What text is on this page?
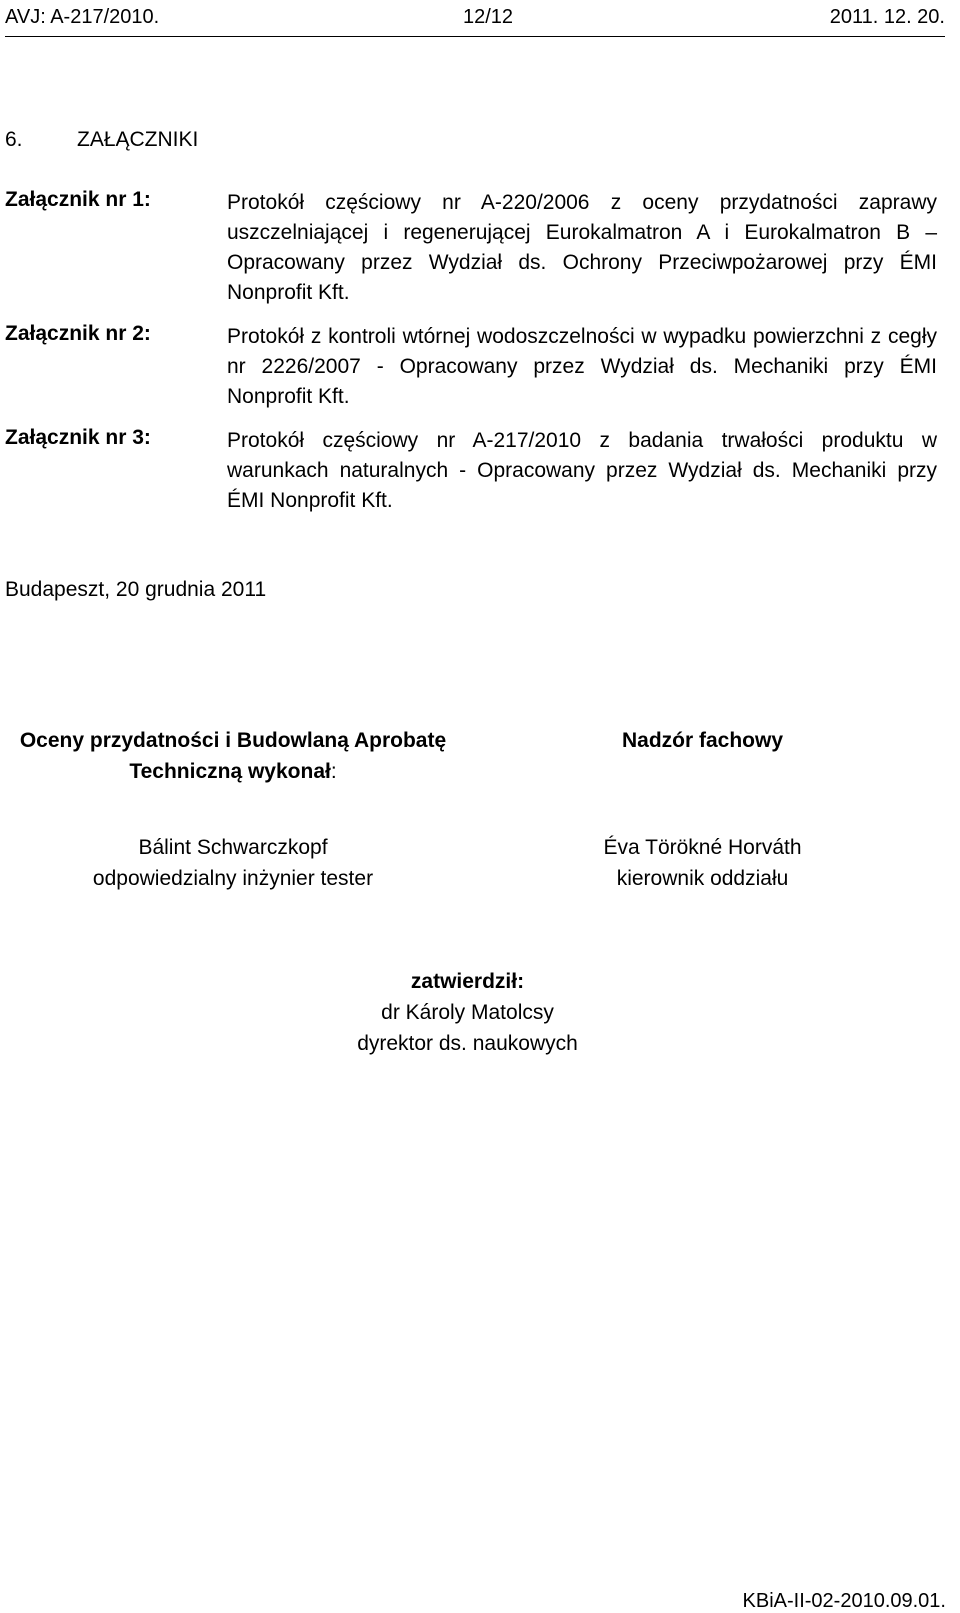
AVJ: A-217/2010.	12/12	2011. 12. 20.
6.	ZAŁĄCZNIKI
Załącznik nr 1:	Protokół częściowy nr A-220/2006 z oceny przydatności zaprawy uszczelniającej i regenerującej Eurokalmatron A i Eurokalmatron B – Opracowany przez Wydział ds. Ochrony Przeciwpożarowej przy ÉMI Nonprofit Kft.
Załącznik nr 2:	Protokół z kontroli wtórnej wodoszczelności w wypadku powierzchni z cegły nr 2226/2007 - Opracowany przez Wydział ds. Mechaniki przy ÉMI Nonprofit Kft.
Załącznik nr 3:	Protokół częściowy nr A-217/2010 z badania trwałości produktu w warunkach naturalnych - Opracowany przez Wydział ds. Mechaniki przy ÉMI Nonprofit Kft.
Budapeszt, 20 grudnia 2011
Oceny przydatności i Budowlaną Aprobatę
Techniczną wykonał:
Nadzór fachowy
Bálint Schwarczkopf
odpowiedzialny inżynier tester
Éva Törökné Horváth
kierownik oddziału
zatwierdził:
dr Károly Matolcsy
dyrektor ds. naukowych
KBiA-II-02-2010.09.01.
